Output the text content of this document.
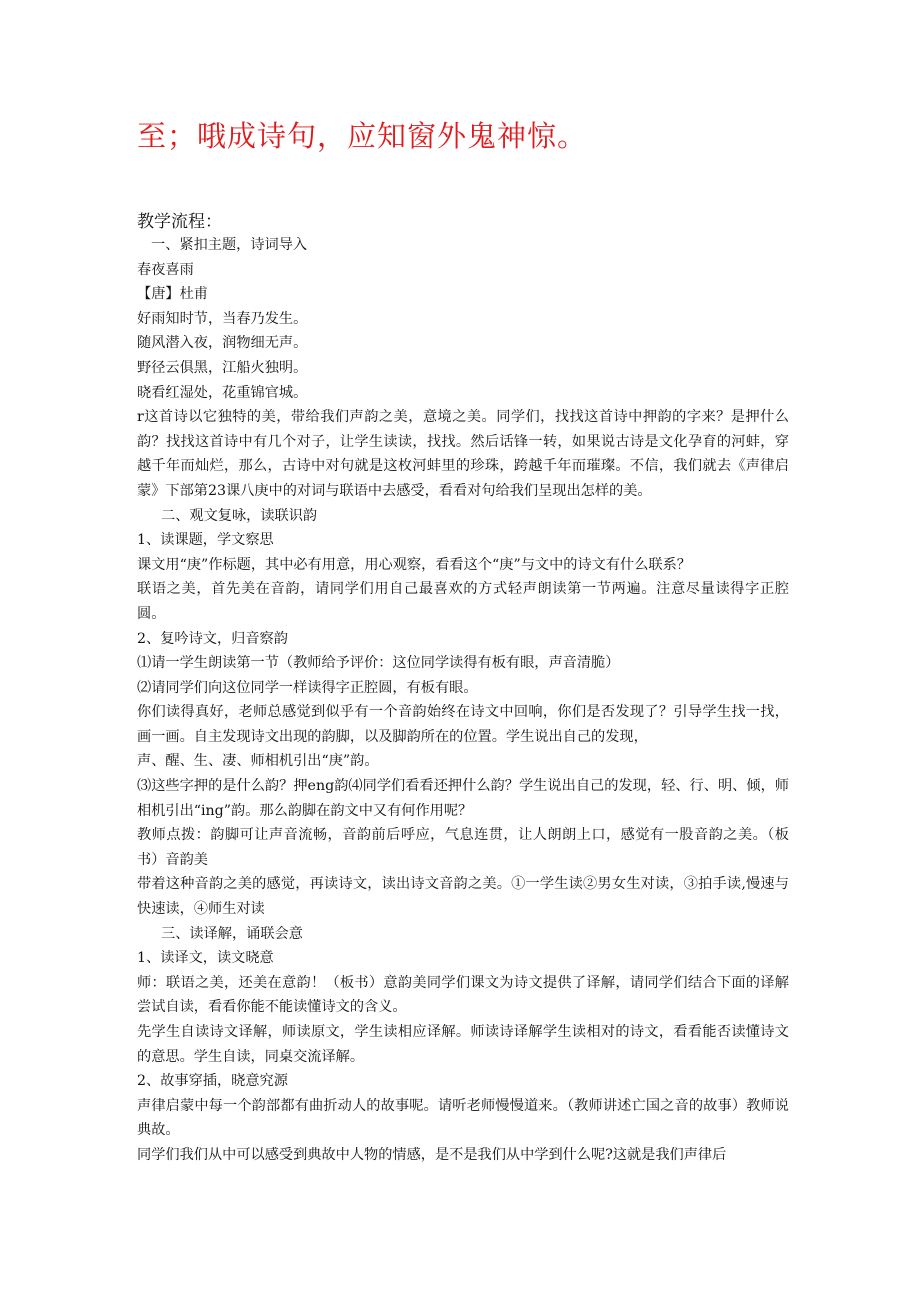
至；哦成诗句，应知窗外鬼神惊。
教学流程：

一、紧扣主题，诗词导入

春夜喜雨

【唐】杜甫

好雨知时节，当春乃发生。

随风潜入夜，润物细无声。

野径云俱黑，江船火独明。

晓看红湿处，花重锦官城。

r这首诗以它独特的美，带给我们声韵之美，意境之美。同学们，找找这首诗中押韵的字来？是押什么韵？找找这首诗中有几个对子，让学生读读，找找。然后话锋一转，如果说古诗是文化孕育的河蚌，穿越千年而灿烂，那么，古诗中对句就是这枚河蚌里的珍珠，跨越千年而璀璨。不信，我们就去《声律启蒙》下部第23课八庚中的对词与联语中去感受，看看对句给我们呈现出怎样的美。

二、观文复咏，读联识韵

1、读课题，学文察思

课文用“庚”作标题，其中必有用意，用心观察，看看这个“庚”与文中的诗文有什么联系？

联语之美，首先美在音韵，请同学们用自己最喜欢的方式轻声朗读第一节两遍。注意尽量读得字正腔圆。

2、复吟诗文，归音察韵

⑴请一学生朗读第一节（教师给予评价：这位同学读得有板有眼，声音清脆）

⑵请同学们向这位同学一样读得字正腔圆，有板有眼。

你们读得真好，老师总感觉到似乎有一个音韵始终在诗文中回响，你们是否发现了？引导学生找一找，画一画。自主发现诗文出现的韵脚，以及脚韵所在的位置。学生说出自己的发现，

声、醒、生、凄、师相机引出“庚”韵。

⑶这些字押的是什么韵？押eng韵⑷同学们看看还押什么韵？学生说出自己的发现，轻、行、明、倾，师相机引出“ing”韵。那么韵脚在韵文中又有何作用呢？

教师点拨：韵脚可让声音流畅，音韵前后呼应，气息连贯，让人朗朗上口，感觉有一股音韵之美。（板书）音韵美

带着这种音韵之美的感觉，再读诗文，读出诗文音韵之美。①一学生读②男女生对读，③拍手读,慢速与快速读，④师生对读

三、读译解，诵联会意

1、读译文，读文晓意

师：联语之美，还美在意韵！（板书）意韵美同学们课文为诗文提供了译解，请同学们结合下面的译解尝试自读，看看你能不能读懂诗文的含义。

先学生自读诗文译解，师读原文，学生读相应译解。师读诗译解学生读相对的诗文，看看能否读懂诗文的意思。学生自读，同桌交流译解。

2、故事穿插，晓意究源

声律启蒙中每一个韵部都有曲折动人的故事呢。请听老师慢慢道来。（教师讲述亡国之音的故事）教师说典故。

同学们我们从中可以感受到典故中人物的情感，是不是我们从中学到什么呢?这就是我们声律后
